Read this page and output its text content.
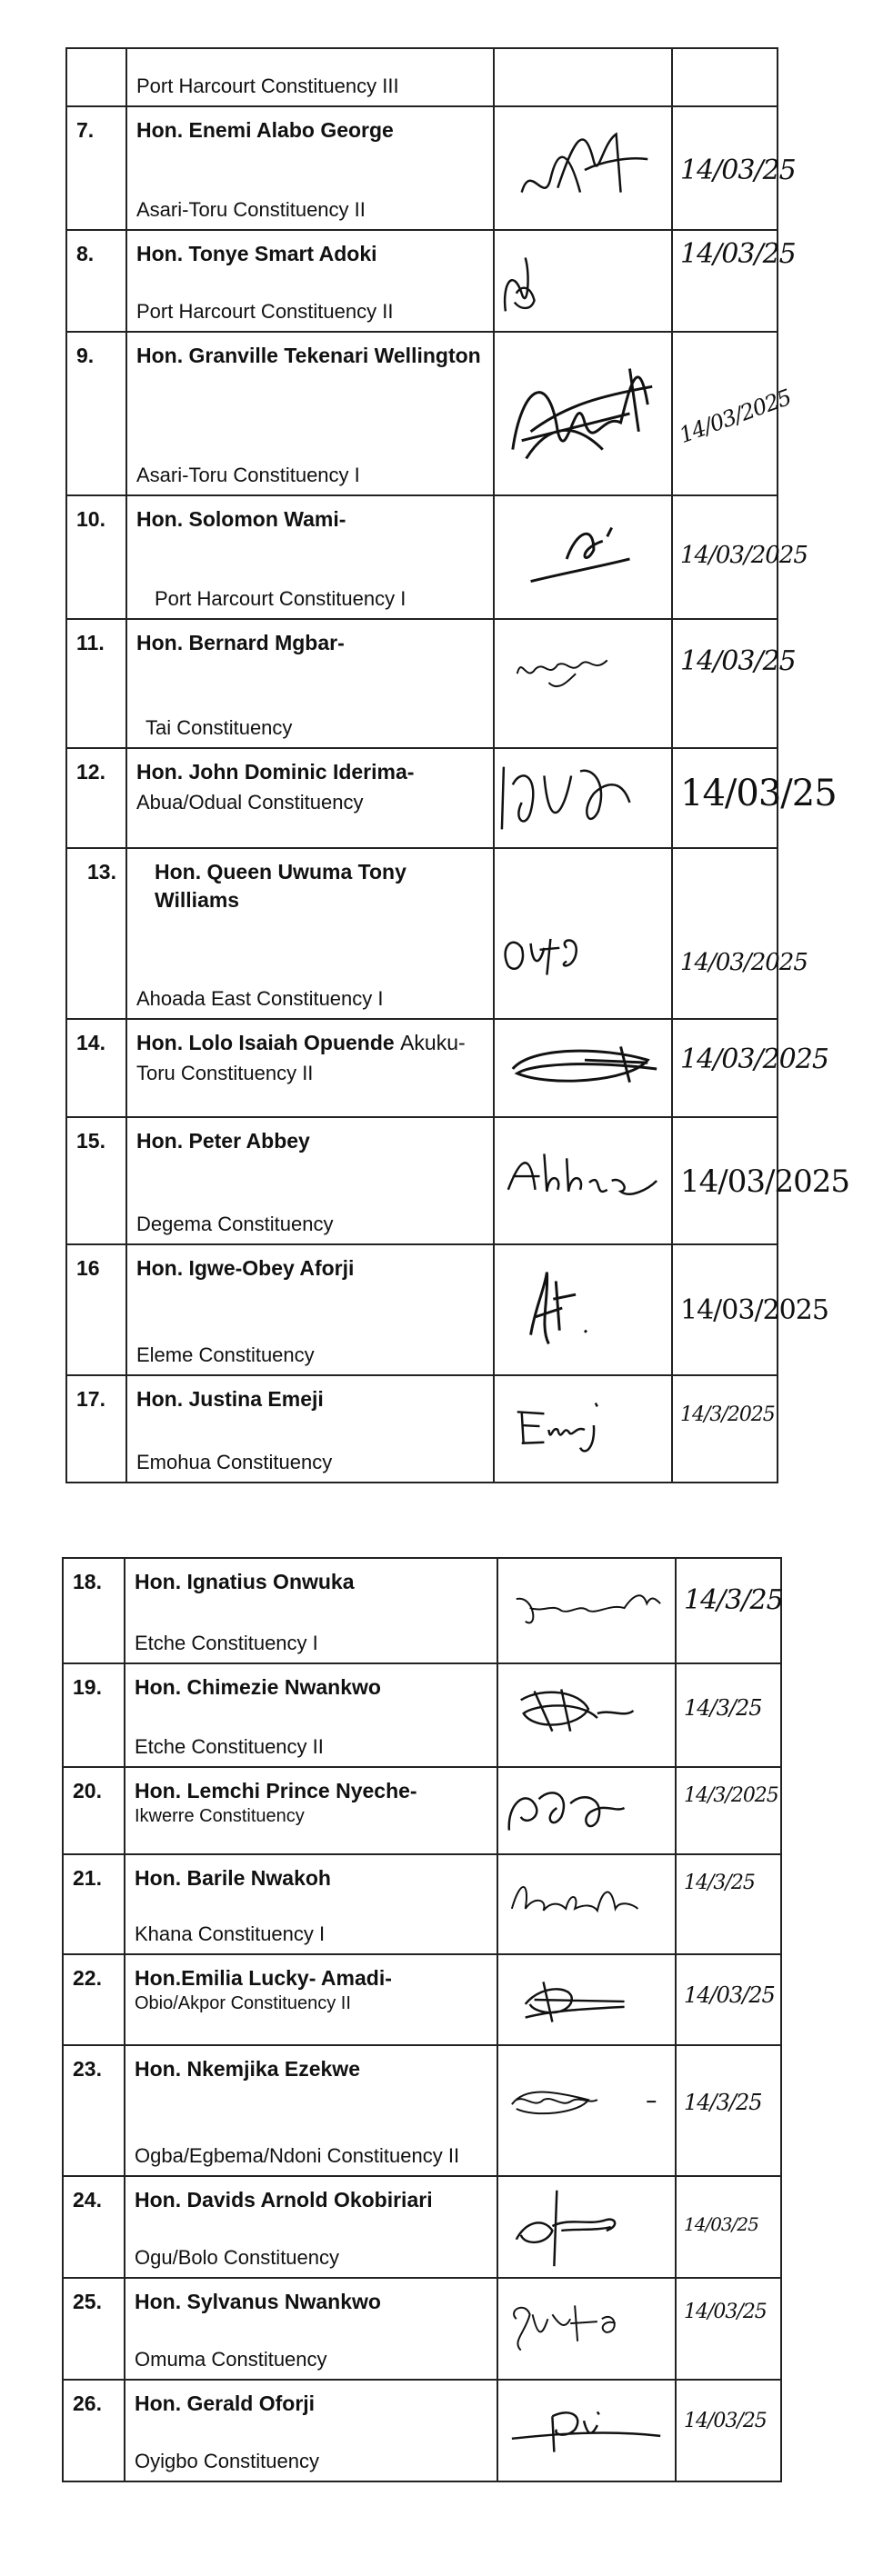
	Port Harcourt Constituency III		

7.	Hon. Enemi Alabo George
Asari-Toru Constituency II		14/03/25

8.	Hon. Tonye Smart Adoki
Port Harcourt Constituency II		14/03/25

9.	Hon. Granville Tekenari Wellington
Asari-Toru Constituency I		14/03/2025

10.	Hon. Solomon Wami-
Port Harcourt Constituency I		14/03/2025

11.	Hon. Bernard Mgbar-
Tai Constituency		14/03/25

12.	Hon. John Dominic Iderima-
Abua/Odual Constituency		14/03/25

13.	Hon. Queen Uwuma Tony Williams
Ahoada East Constituency I		14/03/2025

14.	Hon. Lolo Isaiah Opuende Akuku-
Toru Constituency II		14/03/2025

15.	Hon. Peter Abbey
Degema Constituency		14/03/2025

16	Hon. Igwe-Obey Aforji
Eleme Constituency		14/03/2025

17.	Hon. Justina Emeji
Emohua Constituency		14/3/2025
18.	Hon. Ignatius Onwuka
Etche Constituency I		14/3/25

19.	Hon. Chimezie Nwankwo
Etche Constituency II		14/3/25

20.	Hon. Lemchi Prince Nyeche-
Ikwerre Constituency		14/3/2025

21.	Hon. Barile Nwakoh
Khana Constituency I		14/3/25

22.	Hon.Emilia Lucky- Amadi-
Obio/Akpor Constituency II		14/03/25

23.	Hon. Nkemjika Ezekwe
Ogba/Egbema/Ndoni Constituency II		14/3/25

24.	Hon. Davids Arnold Okobiriari
Ogu/Bolo Constituency		14/03/25

25.	Hon. Sylvanus Nwankwo
Omuma Constituency		14/03/25

26.	Hon. Gerald Oforji
Oyigbo Constituency		14/03/25
